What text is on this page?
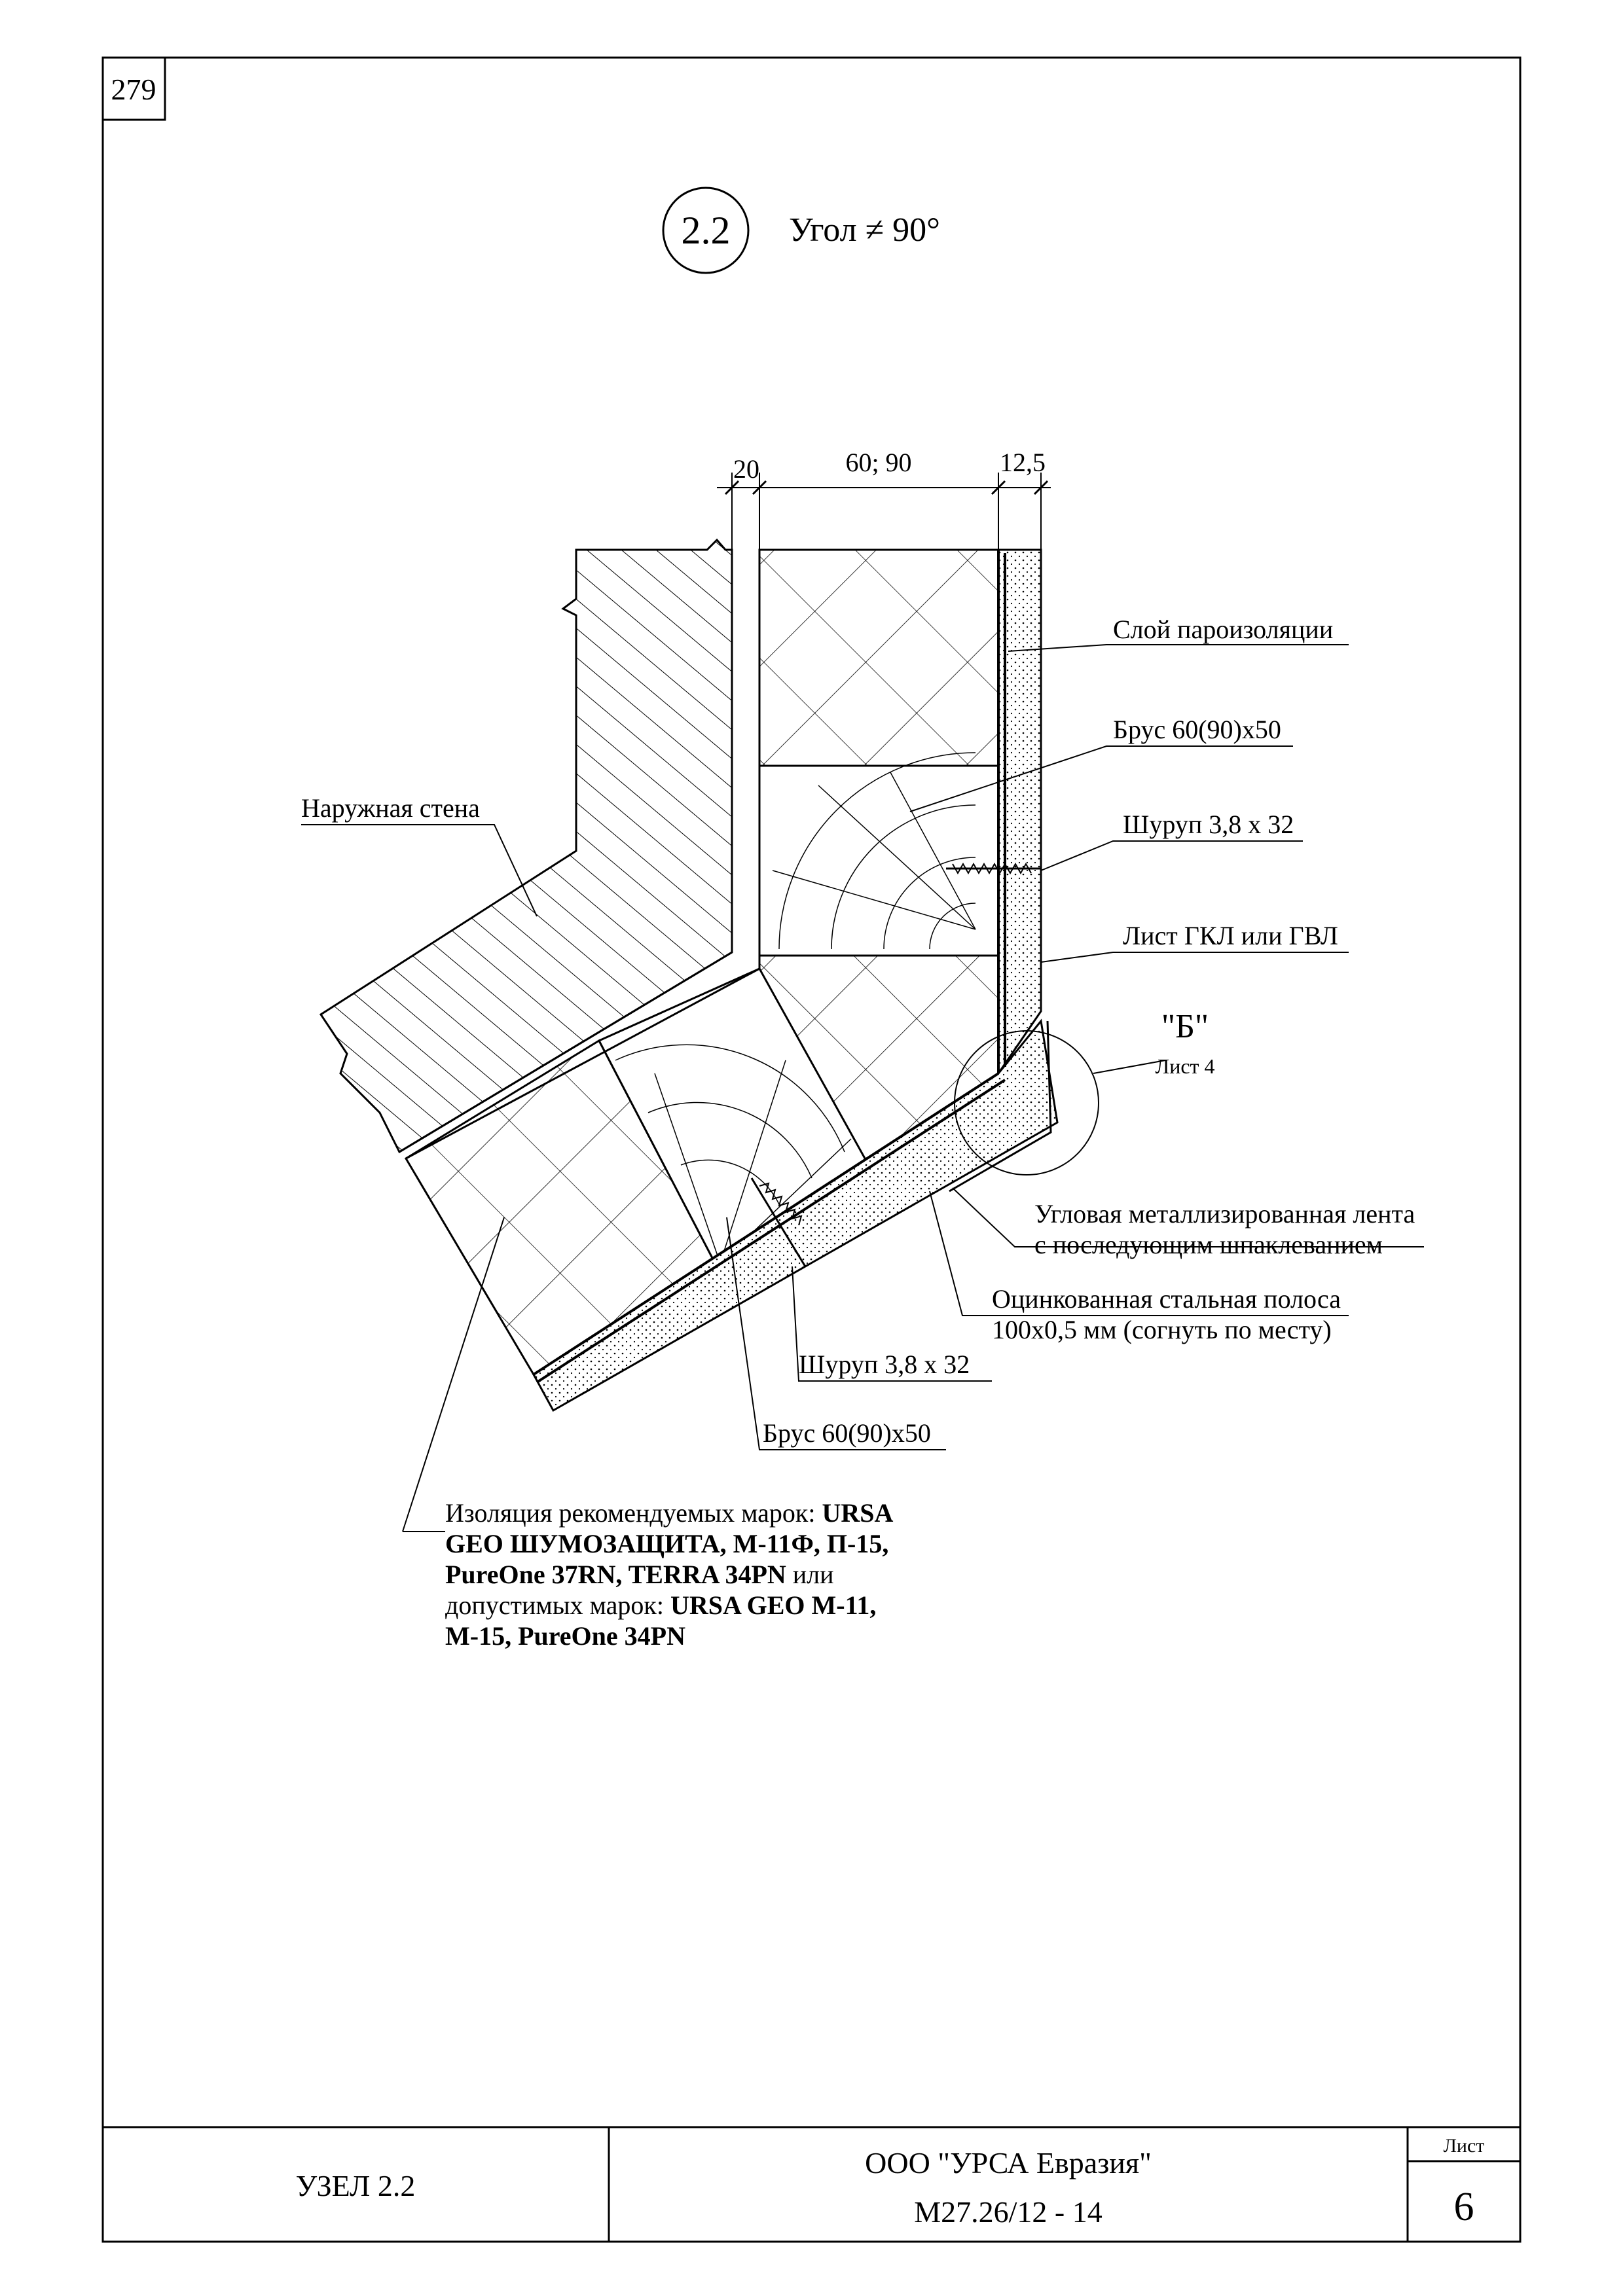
279
2.2 Угол ≠ 90°
20	60; 90	12,5
"Б"
Лист 4
Слой пароизоляции
Брус 60(90)x50
Шуруп 3,8 x 32
Лист ГКЛ или ГВЛ
Наружная стена
Угловая металлизированная лента
с последующим шпаклеванием
Оцинкованная стальная полоса
100x0,5 мм (согнуть по месту)
Шуруп 3,8 x 32
Брус 60(90)x50
Изоляция рекомендуемых марок: URSA
GEO ШУМОЗАЩИТА, М-11Ф, П-15,
PureOne 37RN, TERRA 34PN или
допустимых марок: URSA GEO М-11,
М-15, PureOne 34PN
УЗЕЛ 2.2
ООО "УРСА Евразия"
М27.26/12 - 14
Лист
6
